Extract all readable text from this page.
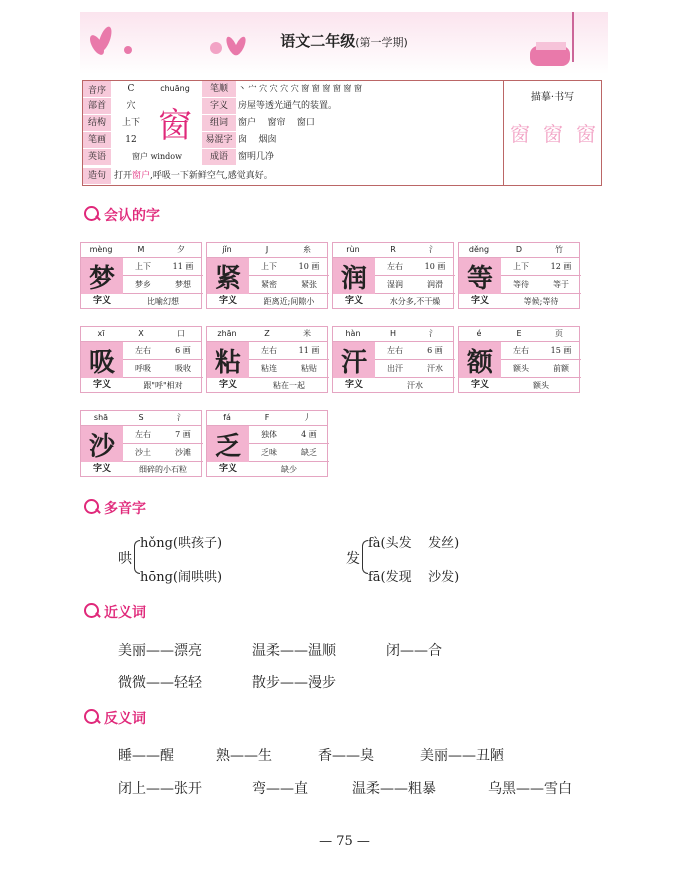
语文二年级(第一学期)
窗
描摹·书写
窗 窗 窗
音序	C	chuāng	笔顺	丶 宀 穴 穴 穴 穴 窗 窗 窗 窗 窗 窗
部首	穴	字义	房屋等透光通气的装置。
结构	上下	组词	窗户    窗帘    窗口
笔画	12	易混字 囱    烟囱
英语	窗户 window	成语	窗明几净
造句 打开窗户,呼吸一下新鲜空气,感觉真好。
会认的字
mèng	M	夕
梦	上下	11 画
梦乡	梦想
字义	比喻幻想
jǐn	J	糸
紧	上下	10 画
紧密	紧张
字义	距离近;间隙小
rùn	R	氵
润	左右	10 画
湿润	润滑
字义	水分多,不干燥
děng	D	竹
等	上下	12 画
等待	等于
字义	等候;等待
xī	X	口
吸	左右	6 画
呼吸	吸收
字义	跟"呼"相对
zhān	Z	米
粘	左右	11 画
粘连	粘贴
字义	粘在一起
hàn	H	氵
汗	左右	6 画
出汗	汗水
字义	汗水
é	E	页
额	左右	15 画
额头	前额
字义	额头
shā	S	氵
沙	左右	7 画
沙土	沙滩
字义	细碎的小石粒
fá	F	丿
乏	独体	4 画
乏味	缺乏
字义	缺少
多音字
哄
hǒng(哄孩子)
hōng(闹哄哄)
发
fà(头发    发丝)
fā(发现    沙发)
近义词
美丽——漂亮	温柔——温顺	闭——合
微微——轻轻	散步——漫步
反义词
睡——醒	熟——生	香——臭	美丽——丑陋
闭上——张开	弯——直	温柔——粗暴	乌黑——雪白
— 75 —
